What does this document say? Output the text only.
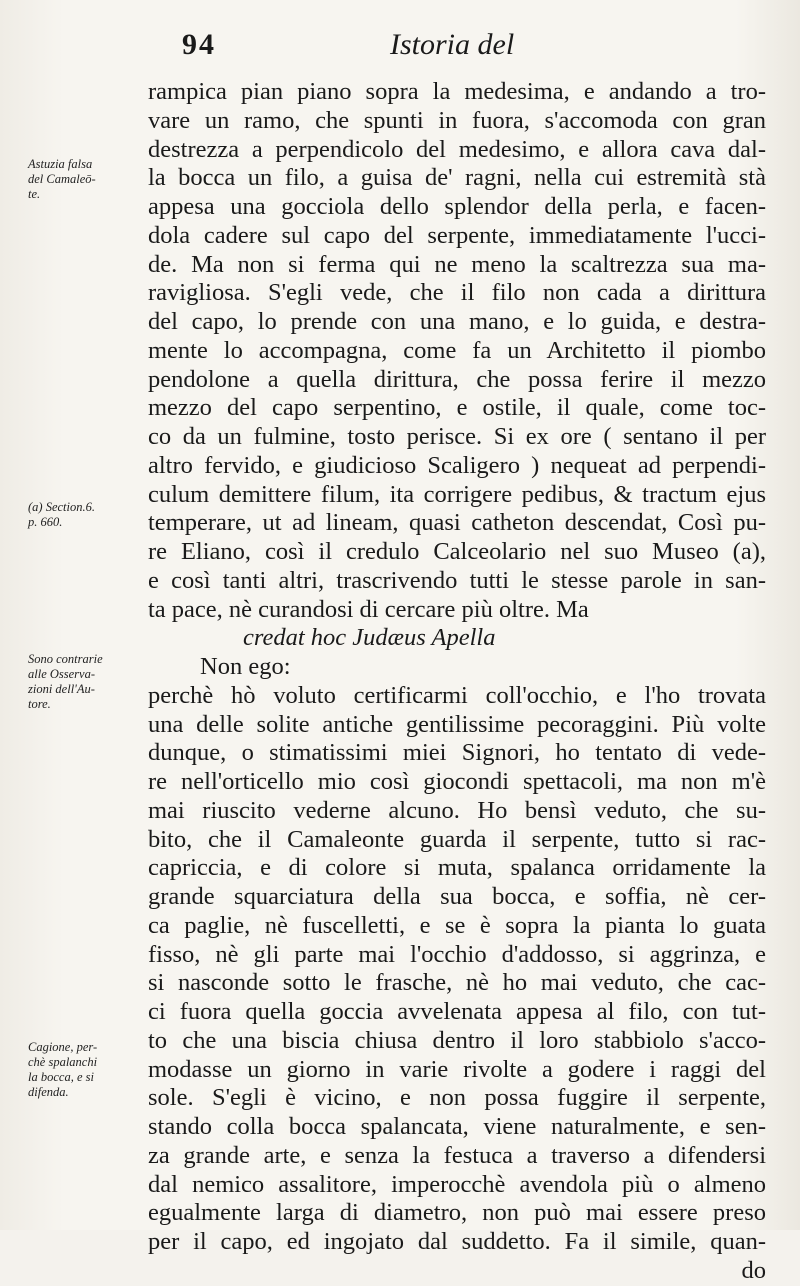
94	Istoria del
Astuzia falsa
del Camaleō-
te.
(a) Section.6.
p. 660.
Sono contrarie
alle Osserva-
zioni dell'Au-
tore.
Cagione, per-
chè spalanchi
la bocca, e si
difenda.
rampica pian piano sopra la medesima, e andando a tro-
vare un ramo, che spunti in fuora, s'accomoda con gran
destrezza a perpendicolo del medesimo, e allora cava dal-
la bocca un filo, a guisa de' ragni, nella cui estremità stà
appesa una gocciola dello splendor della perla, e facen-
dola cadere sul capo del serpente, immediatamente l'ucci-
de. Ma non si ferma qui ne meno la scaltrezza sua ma-
ravigliosa. S'egli vede, che il filo non cada a dirittura
del capo, lo prende con una mano, e lo guida, e destra-
mente lo accompagna, come fa un Architetto il piombo
pendolone a quella dirittura, che possa ferire il mezzo
mezzo del capo serpentino, e ostile, il quale, come toc-
co da un fulmine, tosto perisce. Si ex ore ( sentano il per
altro fervido, e giudicioso Scaligero ) nequeat ad perpendi-
culum demittere filum, ita corrigere pedibus, & tractum ejus
temperare, ut ad lineam, quasi catheton descendat, Così pu-
re Eliano, così il credulo Calceolario nel suo Museo (a),
e così tanti altri, trascrivendo tutti le stesse parole in san-
ta pace, nè curandosi di cercare più oltre. Ma
credat hoc Judæus Apella
Non ego:
perchè hò voluto certificarmi coll'occhio, e l'ho trovata
una delle solite antiche gentilissime pecoraggini. Più volte
dunque, o stimatissimi miei Signori, ho tentato di vede-
re nell'orticello mio così giocondi spettacoli, ma non m'è
mai riuscito vederne alcuno. Ho bensì veduto, che su-
bito, che il Camaleonte guarda il serpente, tutto si rac-
capriccia, e di colore si muta, spalanca orridamente la
grande squarciatura della sua bocca, e soffia, nè cer-
ca paglie, nè fuscelletti, e se è sopra la pianta lo guata
fisso, nè gli parte mai l'occhio d'addosso, si aggrinza, e
si nasconde sotto le frasche, nè ho mai veduto, che cac-
ci fuora quella goccia avvelenata appesa al filo, con tut-
to che una biscia chiusa dentro il loro stabbiolo s'acco-
modasse un giorno in varie rivolte a godere i raggi del
sole. S'egli è vicino, e non possa fuggire il serpente,
stando colla bocca spalancata, viene naturalmente, e sen-
za grande arte, e senza la festuca a traverso a difendersi
dal nemico assalitore, imperocchè avendola più o almeno
egualmente larga di diametro, non può mai essere preso
per il capo, ed ingojato dal suddetto. Fa il simile, quan-
do
